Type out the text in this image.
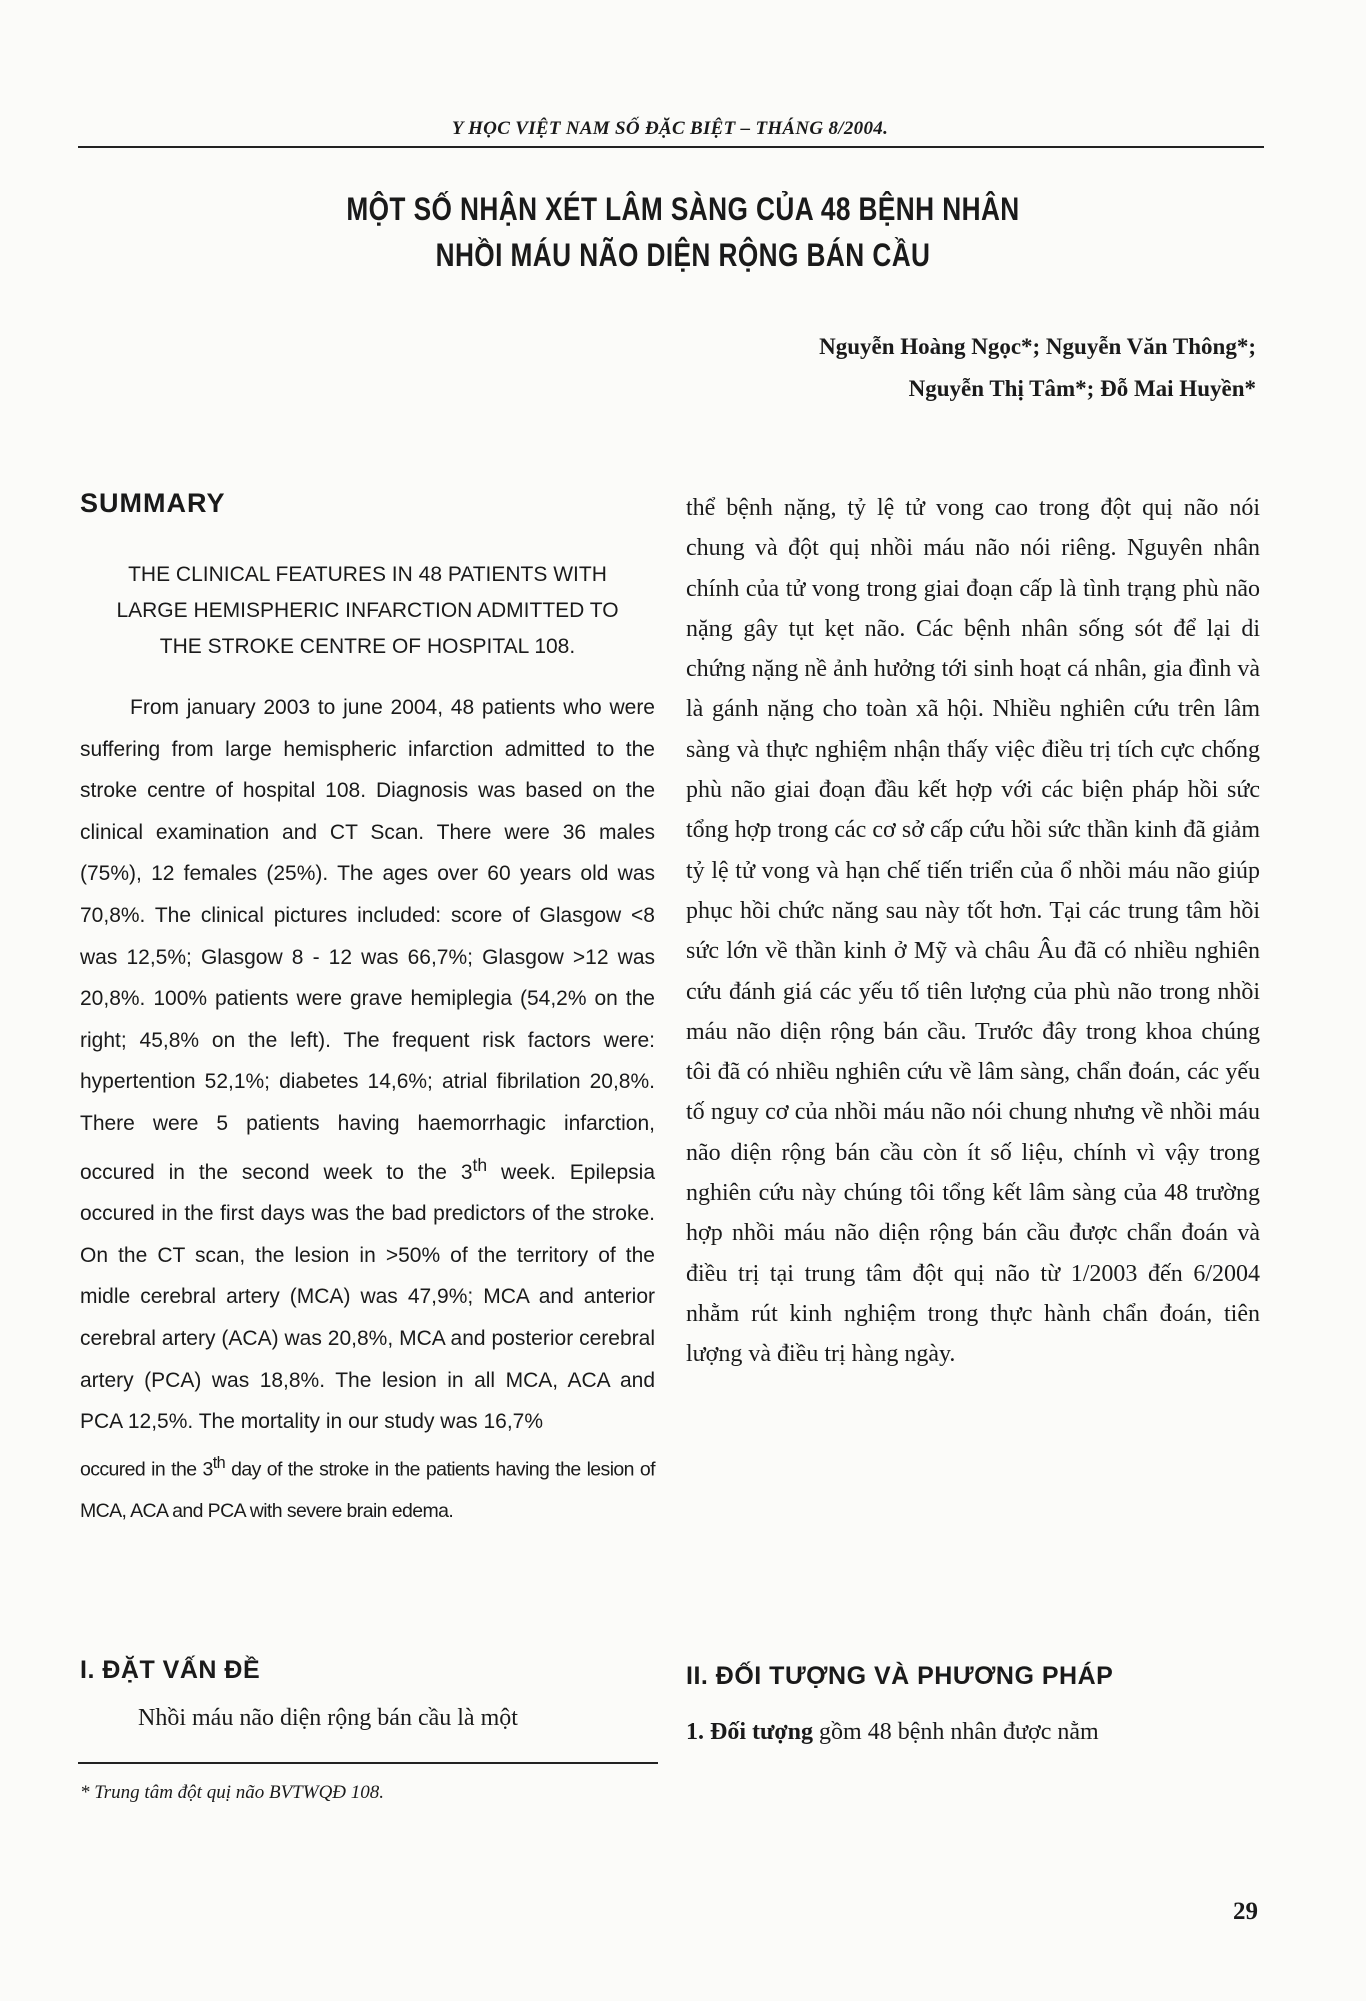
Y HỌC VIỆT NAM SỐ ĐẶC BIỆT – THÁNG 8/2004.
MỘT SỐ NHẬN XÉT LÂM SÀNG CỦA 48 BỆNH NHÂN
NHỒI MÁU NÃO DIỆN RỘNG BÁN CẦU
Nguyễn Hoàng Ngọc*; Nguyễn Văn Thông*;
Nguyễn Thị Tâm*; Đỗ Mai Huyền*
SUMMARY
THE CLINICAL FEATURES IN 48 PATIENTS WITH
LARGE HEMISPHERIC INFARCTION ADMITTED TO
THE STROKE CENTRE OF HOSPITAL 108.

From january 2003 to june 2004, 48 patients who were suffering from large hemispheric infarction admitted to the stroke centre of hospital 108. Diagnosis was based on the clinical examination and CT Scan. There were 36 males (75%), 12 females (25%). The ages over 60 years old was 70,8%. The clinical pictures included: score of Glasgow <8 was 12,5%; Glasgow 8 - 12 was 66,7%; Glasgow >12 was 20,8%. 100% patients were grave hemiplegia (54,2% on the right; 45,8% on the left). The frequent risk factors were: hypertention 52,1%; diabetes 14,6%; atrial fibrilation 20,8%. There were 5 patients having haemorrhagic infarction, occured in the second week to the 3th week. Epilepsia occured in the first days was the bad predictors of the stroke. On the CT scan, the lesion in >50% of the territory of the midle cerebral artery (MCA) was 47,9%; MCA and anterior cerebral artery (ACA) was 20,8%, MCA and posterior cerebral artery (PCA) was 18,8%. The lesion in all MCA, ACA and PCA 12,5%. The mortality in our study was 16,7%

occured in the 3th day of the stroke in the patients having the lesion of MCA, ACA and PCA with severe brain edema.

I. ĐẶT VẤN ĐỀ

Nhồi máu não diện rộng bán cầu là một

thể bệnh nặng, tỷ lệ tử vong cao trong đột quị não nói chung và đột quị nhồi máu não nói riêng. Nguyên nhân chính của tử vong trong giai đoạn cấp là tình trạng phù não nặng gây tụt kẹt não. Các bệnh nhân sống sót để lại di chứng nặng nề ảnh hưởng tới sinh hoạt cá nhân, gia đình và là gánh nặng cho toàn xã hội. Nhiều nghiên cứu trên lâm sàng và thực nghiệm nhận thấy việc điều trị tích cực chống phù não giai đoạn đầu kết hợp với các biện pháp hồi sức tổng hợp trong các cơ sở cấp cứu hồi sức thần kinh đã giảm tỷ lệ tử vong và hạn chế tiến triển của ổ nhồi máu não giúp phục hồi chức năng sau này tốt hơn. Tại các trung tâm hồi sức lớn về thần kinh ở Mỹ và châu Âu đã có nhiều nghiên cứu đánh giá các yếu tố tiên lượng của phù não trong nhồi máu não diện rộng bán cầu. Trước đây trong khoa chúng tôi đã có nhiều nghiên cứu về lâm sàng, chẩn đoán, các yếu tố nguy cơ của nhồi máu não nói chung nhưng về nhồi máu não diện rộng bán cầu còn ít số liệu, chính vì vậy trong nghiên cứu này chúng tôi tổng kết lâm sàng của 48 trường hợp nhồi máu não diện rộng bán cầu được chẩn đoán và điều trị tại trung tâm đột quị não từ 1/2003 đến 6/2004 nhằm rút kinh nghiệm trong thực hành chẩn đoán, tiên lượng và điều trị hàng ngày.

II. ĐỐI TƯỢNG VÀ PHƯƠNG PHÁP

1. Đối tượng gồm 48 bệnh nhân được nằm

* Trung tâm đột quị não BVTWQĐ 108.
29
